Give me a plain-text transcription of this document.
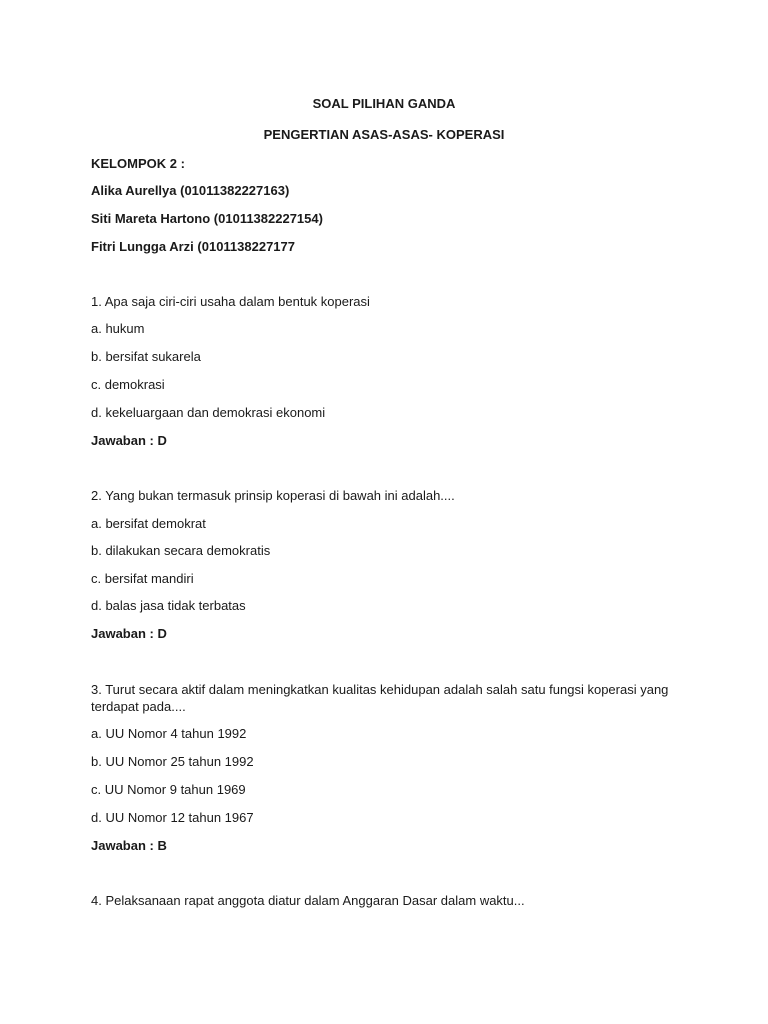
SOAL PILIHAN GANDA
PENGERTIAN ASAS-ASAS- KOPERASI
KELOMPOK 2 :
Alika Aurellya (01011382227163)
Siti Mareta Hartono (01011382227154)
Fitri Lungga Arzi (0101138227177
1. Apa saja ciri-ciri usaha dalam bentuk koperasi
a. hukum
b. bersifat sukarela
c. demokrasi
d. kekeluargaan dan demokrasi ekonomi
Jawaban : D
2. Yang bukan termasuk prinsip koperasi di bawah ini adalah....
a. bersifat demokrat
b. dilakukan secara demokratis
c. bersifat mandiri
d. balas jasa tidak terbatas
Jawaban : D
3. Turut secara aktif dalam meningkatkan kualitas kehidupan adalah salah satu fungsi koperasi yang terdapat pada....
a. UU Nomor 4 tahun 1992
b. UU Nomor 25 tahun 1992
c. UU Nomor 9 tahun 1969
d. UU Nomor 12 tahun 1967
Jawaban : B
4. Pelaksanaan rapat anggota diatur dalam Anggaran Dasar dalam waktu...
